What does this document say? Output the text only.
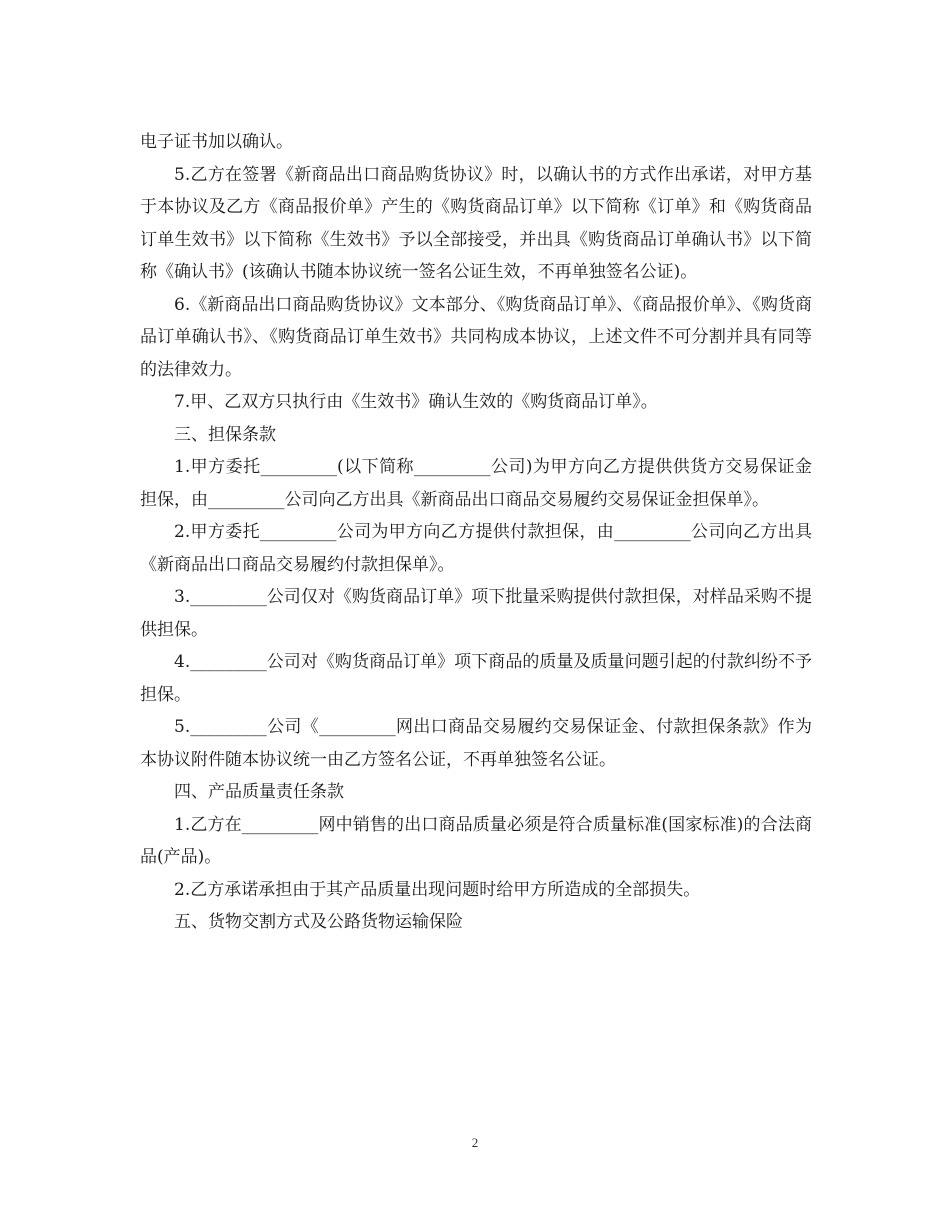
电子证书加以确认。

5.乙方在签署《新商品出口商品购货协议》时，以确认书的方式作出承诺，对甲方基于本协议及乙方《商品报价单》产生的《购货商品订单》以下简称《订单》和《购货商品订单生效书》以下简称《生效书》予以全部接受，并出具《购货商品订单确认书》以下简称《确认书》(该确认书随本协议统一签名公证生效，不再单独签名公证)。

6.《新商品出口商品购货协议》文本部分、《购货商品订单》、《商品报价单》、《购货商品订单确认书》、《购货商品订单生效书》共同构成本协议，上述文件不可分割并具有同等的法律效力。

7.甲、乙双方只执行由《生效书》确认生效的《购货商品订单》。

三、担保条款

1.甲方委托_________(以下简称_________公司)为甲方向乙方提供供货方交易保证金担保，由_________公司向乙方出具《新商品出口商品交易履约交易保证金担保单》。

2.甲方委托_________公司为甲方向乙方提供付款担保，由_________公司向乙方出具《新商品出口商品交易履约付款担保单》。

3._________公司仅对《购货商品订单》项下批量采购提供付款担保，对样品采购不提供担保。

4._________公司对《购货商品订单》项下商品的质量及质量问题引起的付款纠纷不予担保。

5._________公司《_________网出口商品交易履约交易保证金、付款担保条款》作为本协议附件随本协议统一由乙方签名公证，不再单独签名公证。

四、产品质量责任条款

1.乙方在_________网中销售的出口商品质量必须是符合质量标准(国家标准)的合法商品(产品)。

2.乙方承诺承担由于其产品质量出现问题时给甲方所造成的全部损失。

五、货物交割方式及公路货物运输保险

2
